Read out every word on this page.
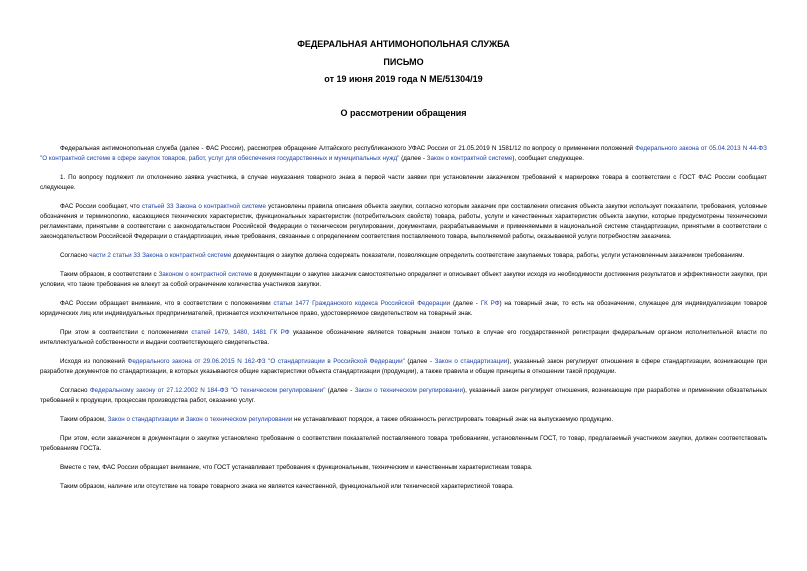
ФЕДЕРАЛЬНАЯ АНТИМОНОПОЛЬНАЯ СЛУЖБА
ПИСЬМО
от 19 июня 2019 года N МЕ/51304/19
О рассмотрении обращения

Федеральная антимонопольная служба (далее - ФАС России), рассмотрев обращение Алтайского республиканского УФАС России от 21.05.2019 N 1581/12 по вопросу о применении положений Федерального закона от 05.04.2013 N 44-ФЗ "О контрактной системе в сфере закупок товаров, работ, услуг для обеспечения государственных и муниципальных нужд" (далее - Закон о контрактной системе), сообщает следующее.

1. По вопросу подлежит ли отклонению заявка участника, в случае неуказания товарного знака в первой части заявки при установлении заказчиком требований к маркировке товара в соответствии с ГОСТ ФАС России сообщает следующее.

ФАС России сообщает, что статьей 33 Закона о контрактной системе установлены правила описания объекта закупки, согласно которым заказчик при составлении описания объекта закупки использует показатели, требования, условные обозначения и терминологию, касающиеся технических характеристик, функциональных характеристик (потребительских свойств) товара, работы, услуги и качественных характеристик объекта закупки, которые предусмотрены техническими регламентами, принятыми в соответствии с законодательством Российской Федерации о техническом регулировании, документами, разрабатываемыми и применяемыми в национальной системе стандартизации, принятыми в соответствии с законодательством Российской Федерации о стандартизации, иные требования, связанные с определением соответствия поставляемого товара, выполняемой работы, оказываемой услуги потребностям заказчика.

Согласно части 2 статьи 33 Закона о контрактной системе документация о закупке должна содержать показатели, позволяющие определить соответствие закупаемых товара, работы, услуги установленным заказчиком требованиям.

Таким образом, в соответствии с Законом о контрактной системе в документации о закупке заказчик самостоятельно определяет и описывает объект закупки исходя из необходимости достижения результатов и эффективности закупки, при условии, что такие требования не влекут за собой ограничение количества участников закупки.

ФАС России обращает внимание, что в соответствии с положениями статьи 1477 Гражданского кодекса Российской Федерации (далее - ГК РФ) на товарный знак, то есть на обозначение, служащее для индивидуализации товаров юридических лиц или индивидуальных предпринимателей, признается исключительное право, удостоверяемое свидетельством на товарный знак.

При этом в соответствии с положениями статей 1479, 1480, 1481 ГК РФ указанное обозначение является товарным знаком только в случае его государственной регистрации федеральным органом исполнительной власти по интеллектуальной собственности и выдачи соответствующего свидетельства.

Исходя из положений Федерального закона от 29.06.2015 N 162-ФЗ "О стандартизации в Российской Федерации" (далее - Закон о стандартизации), указанный закон регулирует отношения в сфере стандартизации, возникающие при разработке документов по стандартизации, в которых указываются общие характеристики объекта стандартизации (продукции), а также правила и общие принципы в отношении такой продукции.

Согласно Федеральному закону от 27.12.2002 N 184-ФЗ "О техническом регулировании" (далее - Закон о техническом регулировании), указанный закон регулирует отношения, возникающие при разработке и применении обязательных требований к продукции, процессам производства работ, оказанию услуг.

Таким образом, Закон о стандартизации и Закон о техническом регулировании не устанавливают порядок, а также обязанность регистрировать товарный знак на выпускаемую продукцию.

При этом, если заказчиком в документации о закупке установлено требование о соответствии показателей поставляемого товара требованиям, установленным ГОСТ, то товар, предлагаемый участником закупки, должен соответствовать требованиям ГОСТа.

Вместе с тем, ФАС России обращает внимание, что ГОСТ устанавливает требования к функциональным, техническим и качественным характеристикам товара.

Таким образом, наличие или отсутствие на товаре товарного знака не является качественной, функциональной или технической характеристикой товара.
